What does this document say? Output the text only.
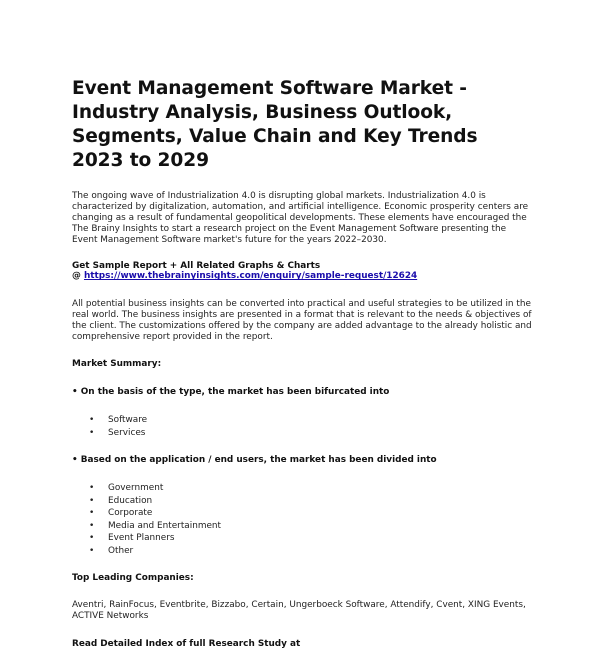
Event Management Software Market - Industry Analysis, Business Outlook, Segments, Value Chain and Key Trends 2023 to 2029

The ongoing wave of Industrialization 4.0 is disrupting global markets. Industrialization 4.0 is characterized by digitalization, automation, and artificial intelligence. Economic prosperity centers are changing as a result of fundamental geopolitical developments. These elements have encouraged the The Brainy Insights to start a research project on the Event Management Software presenting the Event Management Software market's future for the years 2022–2030.

Get Sample Report + All Related Graphs & Charts

@ https://www.thebrainyinsights.com/enquiry/sample-request/12624

All potential business insights can be converted into practical and useful strategies to be utilized in the real world. The business insights are presented in a format that is relevant to the needs & objectives of the client. The customizations offered by the company are added advantage to the already holistic and comprehensive report provided in the report.

Market Summary:

• On the basis of the type, the market has been bifurcated into

• Software
• Services

• Based on the application / end users, the market has been divided into

• Government
• Education
• Corporate
• Media and Entertainment
• Event Planners
• Other

Top Leading Companies:

Aventri, RainFocus, Eventbrite, Bizzabo, Certain, Ungerboeck Software, Attendify, Cvent, XING Events, ACTIVE Networks

Read Detailed Index of full Research Study at
